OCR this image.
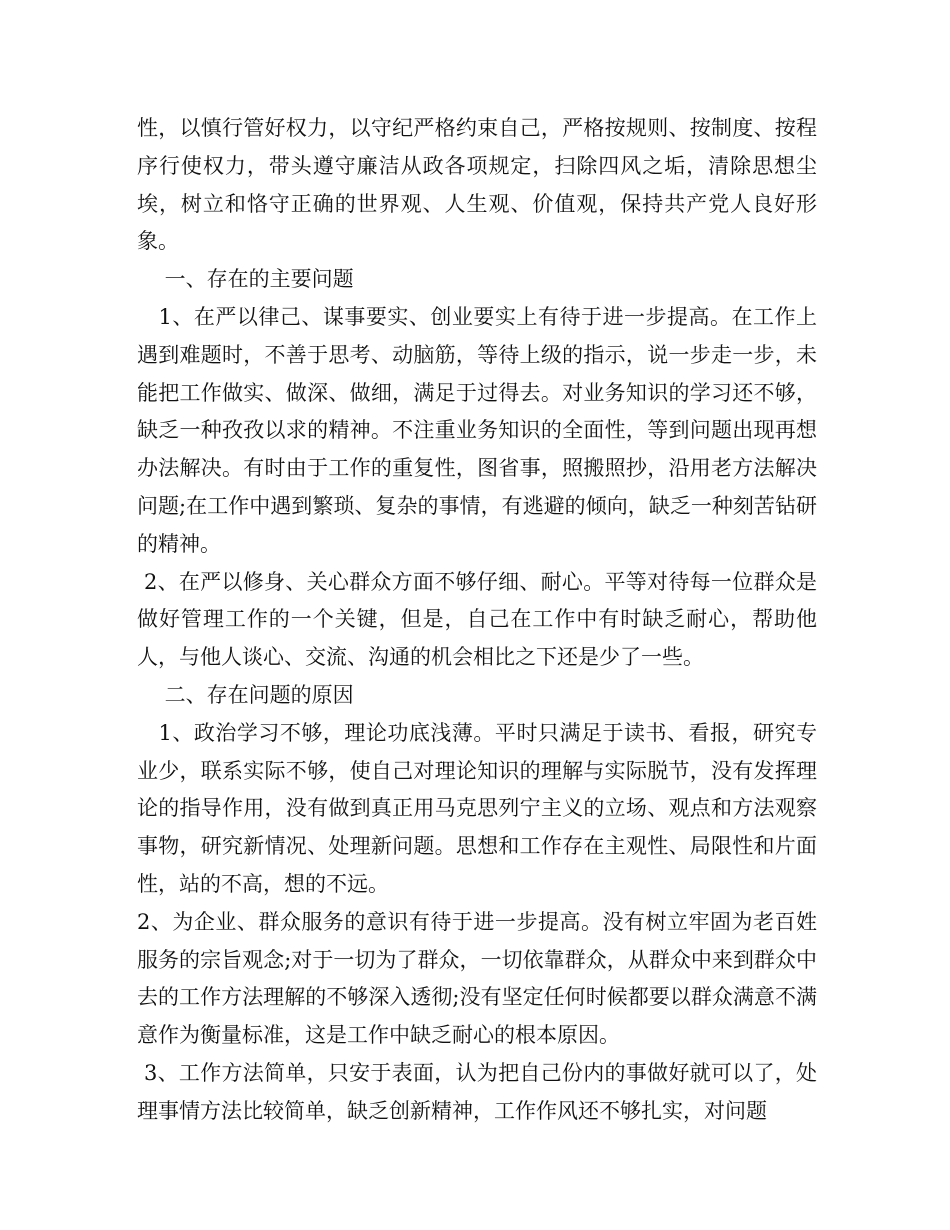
性，以慎行管好权力，以守纪严格约束自己，严格按规则、按制度、按程序行使权力，带头遵守廉洁从政各项规定，扫除四风之垢，清除思想尘埃，树立和恪守正确的世界观、人生观、价值观，保持共产党人良好形象。

　 一、存在的主要问题

　1、在严以律己、谋事要实、创业要实上有待于进一步提高。在工作上遇到难题时，不善于思考、动脑筋，等待上级的指示，说一步走一步，未能把工作做实、做深、做细，满足于过得去。对业务知识的学习还不够，缺乏一种孜孜以求的精神。不注重业务知识的全面性，等到问题出现再想办法解决。有时由于工作的重复性，图省事，照搬照抄，沿用老方法解决问题;在工作中遇到繁琐、复杂的事情，有逃避的倾向，缺乏一种刻苦钻研的精神。

2、在严以修身、关心群众方面不够仔细、耐心。平等对待每一位群众是做好管理工作的一个关键，但是，自己在工作中有时缺乏耐心，帮助他人，与他人谈心、交流、沟通的机会相比之下还是少了一些。

　 二、存在问题的原因

　1、政治学习不够，理论功底浅薄。平时只满足于读书、看报，研究专业少，联系实际不够，使自己对理论知识的理解与实际脱节，没有发挥理论的指导作用，没有做到真正用马克思列宁主义的立场、观点和方法观察事物，研究新情况、处理新问题。思想和工作存在主观性、局限性和片面性，站的不高，想的不远。

2、为企业、群众服务的意识有待于进一步提高。没有树立牢固为老百姓服务的宗旨观念;对于一切为了群众，一切依靠群众，从群众中来到群众中去的工作方法理解的不够深入透彻;没有坚定任何时候都要以群众满意不满意作为衡量标准，这是工作中缺乏耐心的根本原因。

3、工作方法简单，只安于表面，认为把自己份内的事做好就可以了，处理事情方法比较简单，缺乏创新精神，工作作风还不够扎实，对问题
